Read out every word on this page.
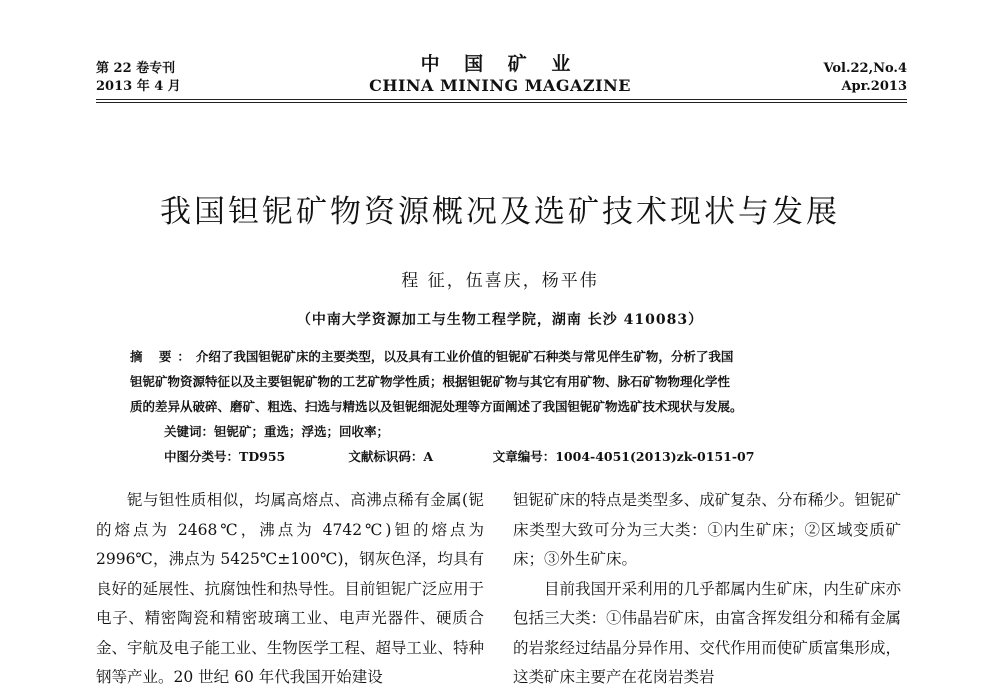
第 22 卷专刊
2013 年 4 月
中 国 矿 业
CHINA MINING MAGAZINE
Vol.22,No.4
Apr.2013
我国钽铌矿物资源概况及选矿技术现状与发展
程 征，伍喜庆，杨平伟
（中南大学资源加工与生物工程学院，湖南 长沙 410083）
摘 要：介绍了我国钽铌矿床的主要类型，以及具有工业价值的钽铌矿石种类与常见伴生矿物，分析了我国
钽铌矿物资源特征以及主要钽铌矿物的工艺矿物学性质；根据钽铌矿物与其它有用矿物、脉石矿物物理化学性
质的差异从破碎、磨矿、粗选、扫选与精选以及钽铌细泥处理等方面阐述了我国钽铌矿物选矿技术现状与发展。
关键词：钽铌矿；重选；浮选；回收率；
中图分类号：TD955	文献标识码：A	文章编号：1004-4051(2013)zk-0151-07

铌与钽性质相似，均属高熔点、高沸点稀有金属(铌的熔点为 2468℃，沸点为 4742℃)钽的熔点为 2996℃，沸点为 5425℃±100℃)，钢灰色泽，均具有良好的延展性、抗腐蚀性和热导性。目前钽铌广泛应用于电子、精密陶瓷和精密玻璃工业、电声光器件、硬质合金、宇航及电子能工业、生物医学工程、超导工业、特种钢等产业。20 世纪 60 年代我国开始建设

钽铌矿床的特点是类型多、成矿复杂、分布稀少。钽铌矿床类型大致可分为三大类：①内生矿床；②区域变质矿床；③外生矿床。

目前我国开采利用的几乎都属内生矿床，内生矿床亦包括三大类：①伟晶岩矿床，由富含挥发组分和稀有金属的岩浆经过结晶分异作用、交代作用而使矿质富集形成，这类矿床主要产在花岗岩类岩
